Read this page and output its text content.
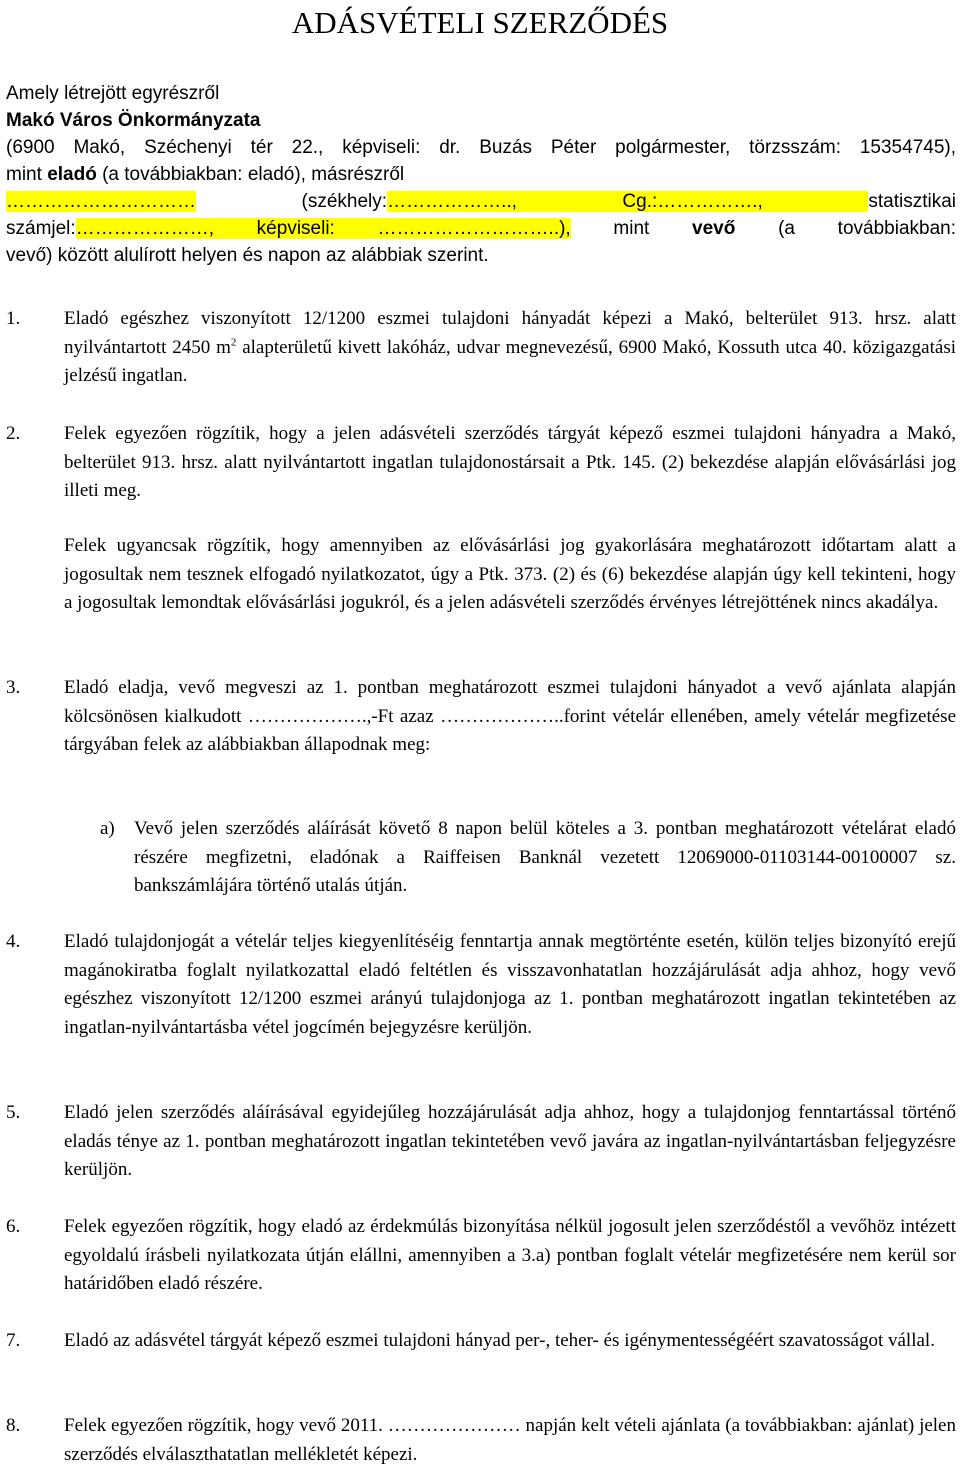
ADÁSVÉTELI SZERZŐDÉS
Amely létrejött egyrészről
Makó Város Önkormányzata
(6900 Makó, Széchenyi tér 22., képviseli: dr. Buzás Péter polgármester, törzsszám: 15354745),
mint eladó (a továbbiakban: eladó), másrészről
………………………… (székhely:……………….., Cg.:……………., statisztikai
számjel:…………………, képviseli: ………………………..), mint vevő (a továbbiakban:
vevő) között alulírott helyen és napon az alábbiak szerint.
1. Eladó egészhez viszonyított 12/1200 eszmei tulajdoni hányadát képezi a Makó, belterület 913. hrsz. alatt nyilvántartott 2450 $m^2$ alapterületű kivett lakóház, udvar megnevezésű, 6900 Makó, Kossuth utca 40. közigazgatási jelzésű ingatlan.
2. Felek egyezően rögzítik, hogy a jelen adásvételi szerződés tárgyát képező eszmei tulajdoni hányadra a Makó, belterület 913. hrsz. alatt nyilvántartott ingatlan tulajdonostársait a Ptk. 145. (2) bekezdése alapján elővásárlási jog illeti meg.
Felek ugyancsak rögzítik, hogy amennyiben az elővásárlási jog gyakorlására meghatározott időtartam alatt a jogosultak nem tesznek elfogadó nyilatkozatot, úgy a Ptk. 373. (2) és (6) bekezdése alapján úgy kell tekinteni, hogy a jogosultak lemondtak elővásárlási jogukról, és a jelen adásvételi szerződés érvényes létrejöttének nincs akadálya.
3. Eladó eladja, vevő megveszi az 1. pontban meghatározott eszmei tulajdoni hányadot a vevő ajánlata alapján kölcsönösen kialkudott ……………….,-Ft azaz ………………..forint vételár ellenében, amely vételár megfizetése tárgyában felek az alábbiakban állapodnak meg:
a) Vevő jelen szerződés aláírását követő 8 napon belül köteles a 3. pontban meghatározott vételárat eladó részére megfizetni, eladónak a Raiffeisen Banknál vezetett 12069000-01103144-00100007 sz. bankszámlájára történő utalás útján.
4. Eladó tulajdonjogát a vételár teljes kiegyenlítéséig fenntartja annak megtörténte esetén, külön teljes bizonyító erejű magánokiratba foglalt nyilatkozattal eladó feltétlen és visszavonhatatlan hozzájárulását adja ahhoz, hogy vevő egészhez viszonyított 12/1200 eszmei arányú tulajdonjoga az 1. pontban meghatározott ingatlan tekintetében az ingatlan-nyilvántartásba vétel jogcímén bejegyzésre kerüljön.
5. Eladó jelen szerződés aláírásával egyidejűleg hozzájárulását adja ahhoz, hogy a tulajdonjog fenntartással történő eladás ténye az 1. pontban meghatározott ingatlan tekintetében vevő javára az ingatlan-nyilvántartásban feljegyzésre kerüljön.
6. Felek egyezően rögzítik, hogy eladó az érdekmúlás bizonyítása nélkül jogosult jelen szerződéstől a vevőhöz intézett egyoldalú írásbeli nyilatkozata útján elállni, amennyiben a 3.a) pontban foglalt vételár megfizetésére nem kerül sor határidőben eladó részére.
7. Eladó az adásvétel tárgyát képező eszmei tulajdoni hányad per-, teher- és igénymentességéért szavatosságot vállal.
8. Felek egyezően rögzítik, hogy vevő 2011. ………………… napján kelt vételi ajánlata (a továbbiakban: ajánlat) jelen szerződés elválaszthatatlan mellékletét képezi.
